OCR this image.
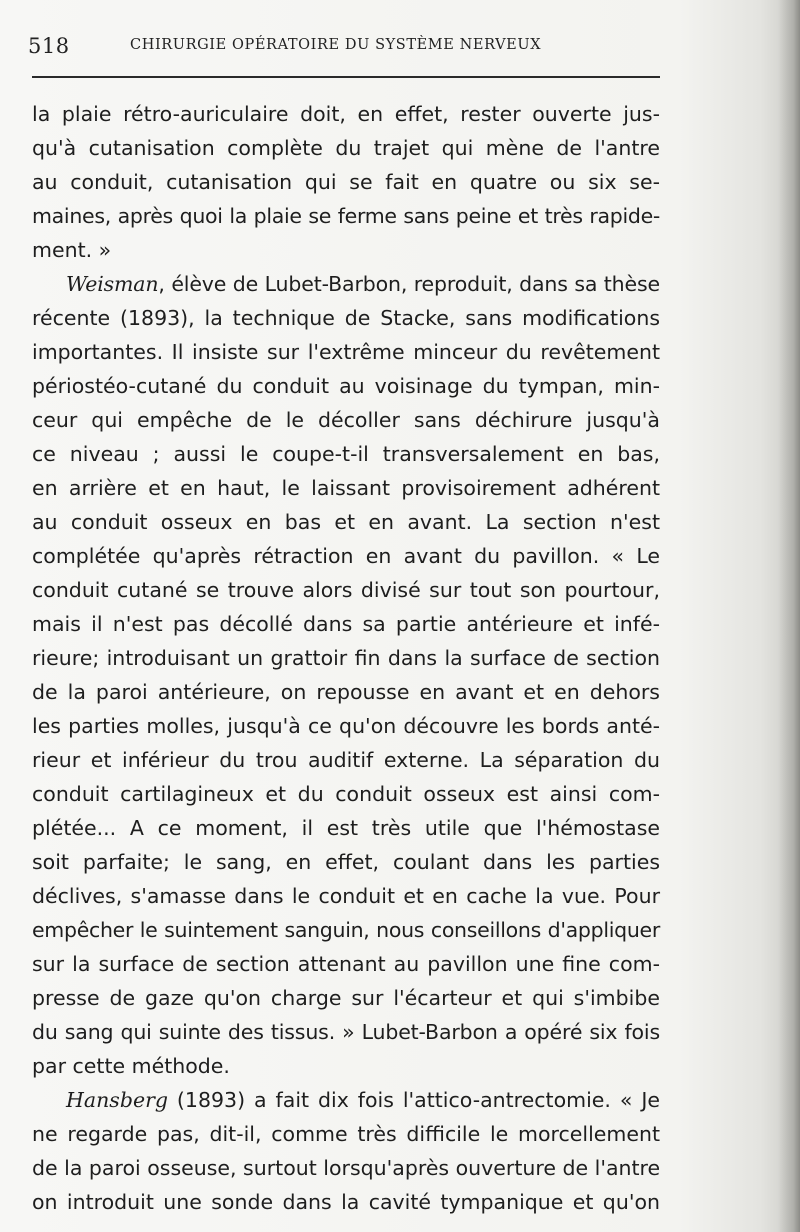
518	CHIRURGIE OPÉRATOIRE DU SYSTÈME NERVEUX
la plaie rétro-auriculaire doit, en effet, rester ouverte jus-
qu'à cutanisation complète du trajet qui mène de l'antre
au conduit, cutanisation qui se fait en quatre ou six se-
maines, après quoi la plaie se ferme sans peine et très rapide-
ment. »
Weisman, élève de Lubet-Barbon, reproduit, dans sa thèse
récente (1893), la technique de Stacke, sans modifications
importantes. Il insiste sur l'extrême minceur du revêtement
périostéo-cutané du conduit au voisinage du tympan, min-
ceur qui empêche de le décoller sans déchirure jusqu'à
ce niveau ; aussi le coupe-t-il transversalement en bas,
en arrière et en haut, le laissant provisoirement adhérent
au conduit osseux en bas et en avant. La section n'est
complétée qu'après rétraction en avant du pavillon. « Le
conduit cutané se trouve alors divisé sur tout son pourtour,
mais il n'est pas décollé dans sa partie antérieure et infé-
rieure; introduisant un grattoir fin dans la surface de section
de la paroi antérieure, on repousse en avant et en dehors
les parties molles, jusqu'à ce qu'on découvre les bords anté-
rieur et inférieur du trou auditif externe. La séparation du
conduit cartilagineux et du conduit osseux est ainsi com-
plétée... A ce moment, il est très utile que l'hémostase
soit parfaite; le sang, en effet, coulant dans les parties
déclives, s'amasse dans le conduit et en cache la vue. Pour
empêcher le suintement sanguin, nous conseillons d'appliquer
sur la surface de section attenant au pavillon une fine com-
presse de gaze qu'on charge sur l'écarteur et qui s'imbibe
du sang qui suinte des tissus. » Lubet-Barbon a opéré six fois
par cette méthode.
Hansberg (1893) a fait dix fois l'attico-antrectomie. « Je
ne regarde pas, dit-il, comme très difficile le morcellement
de la paroi osseuse, surtout lorsqu'après ouverture de l'antre
on introduit une sonde dans la cavité tympanique et qu'on
